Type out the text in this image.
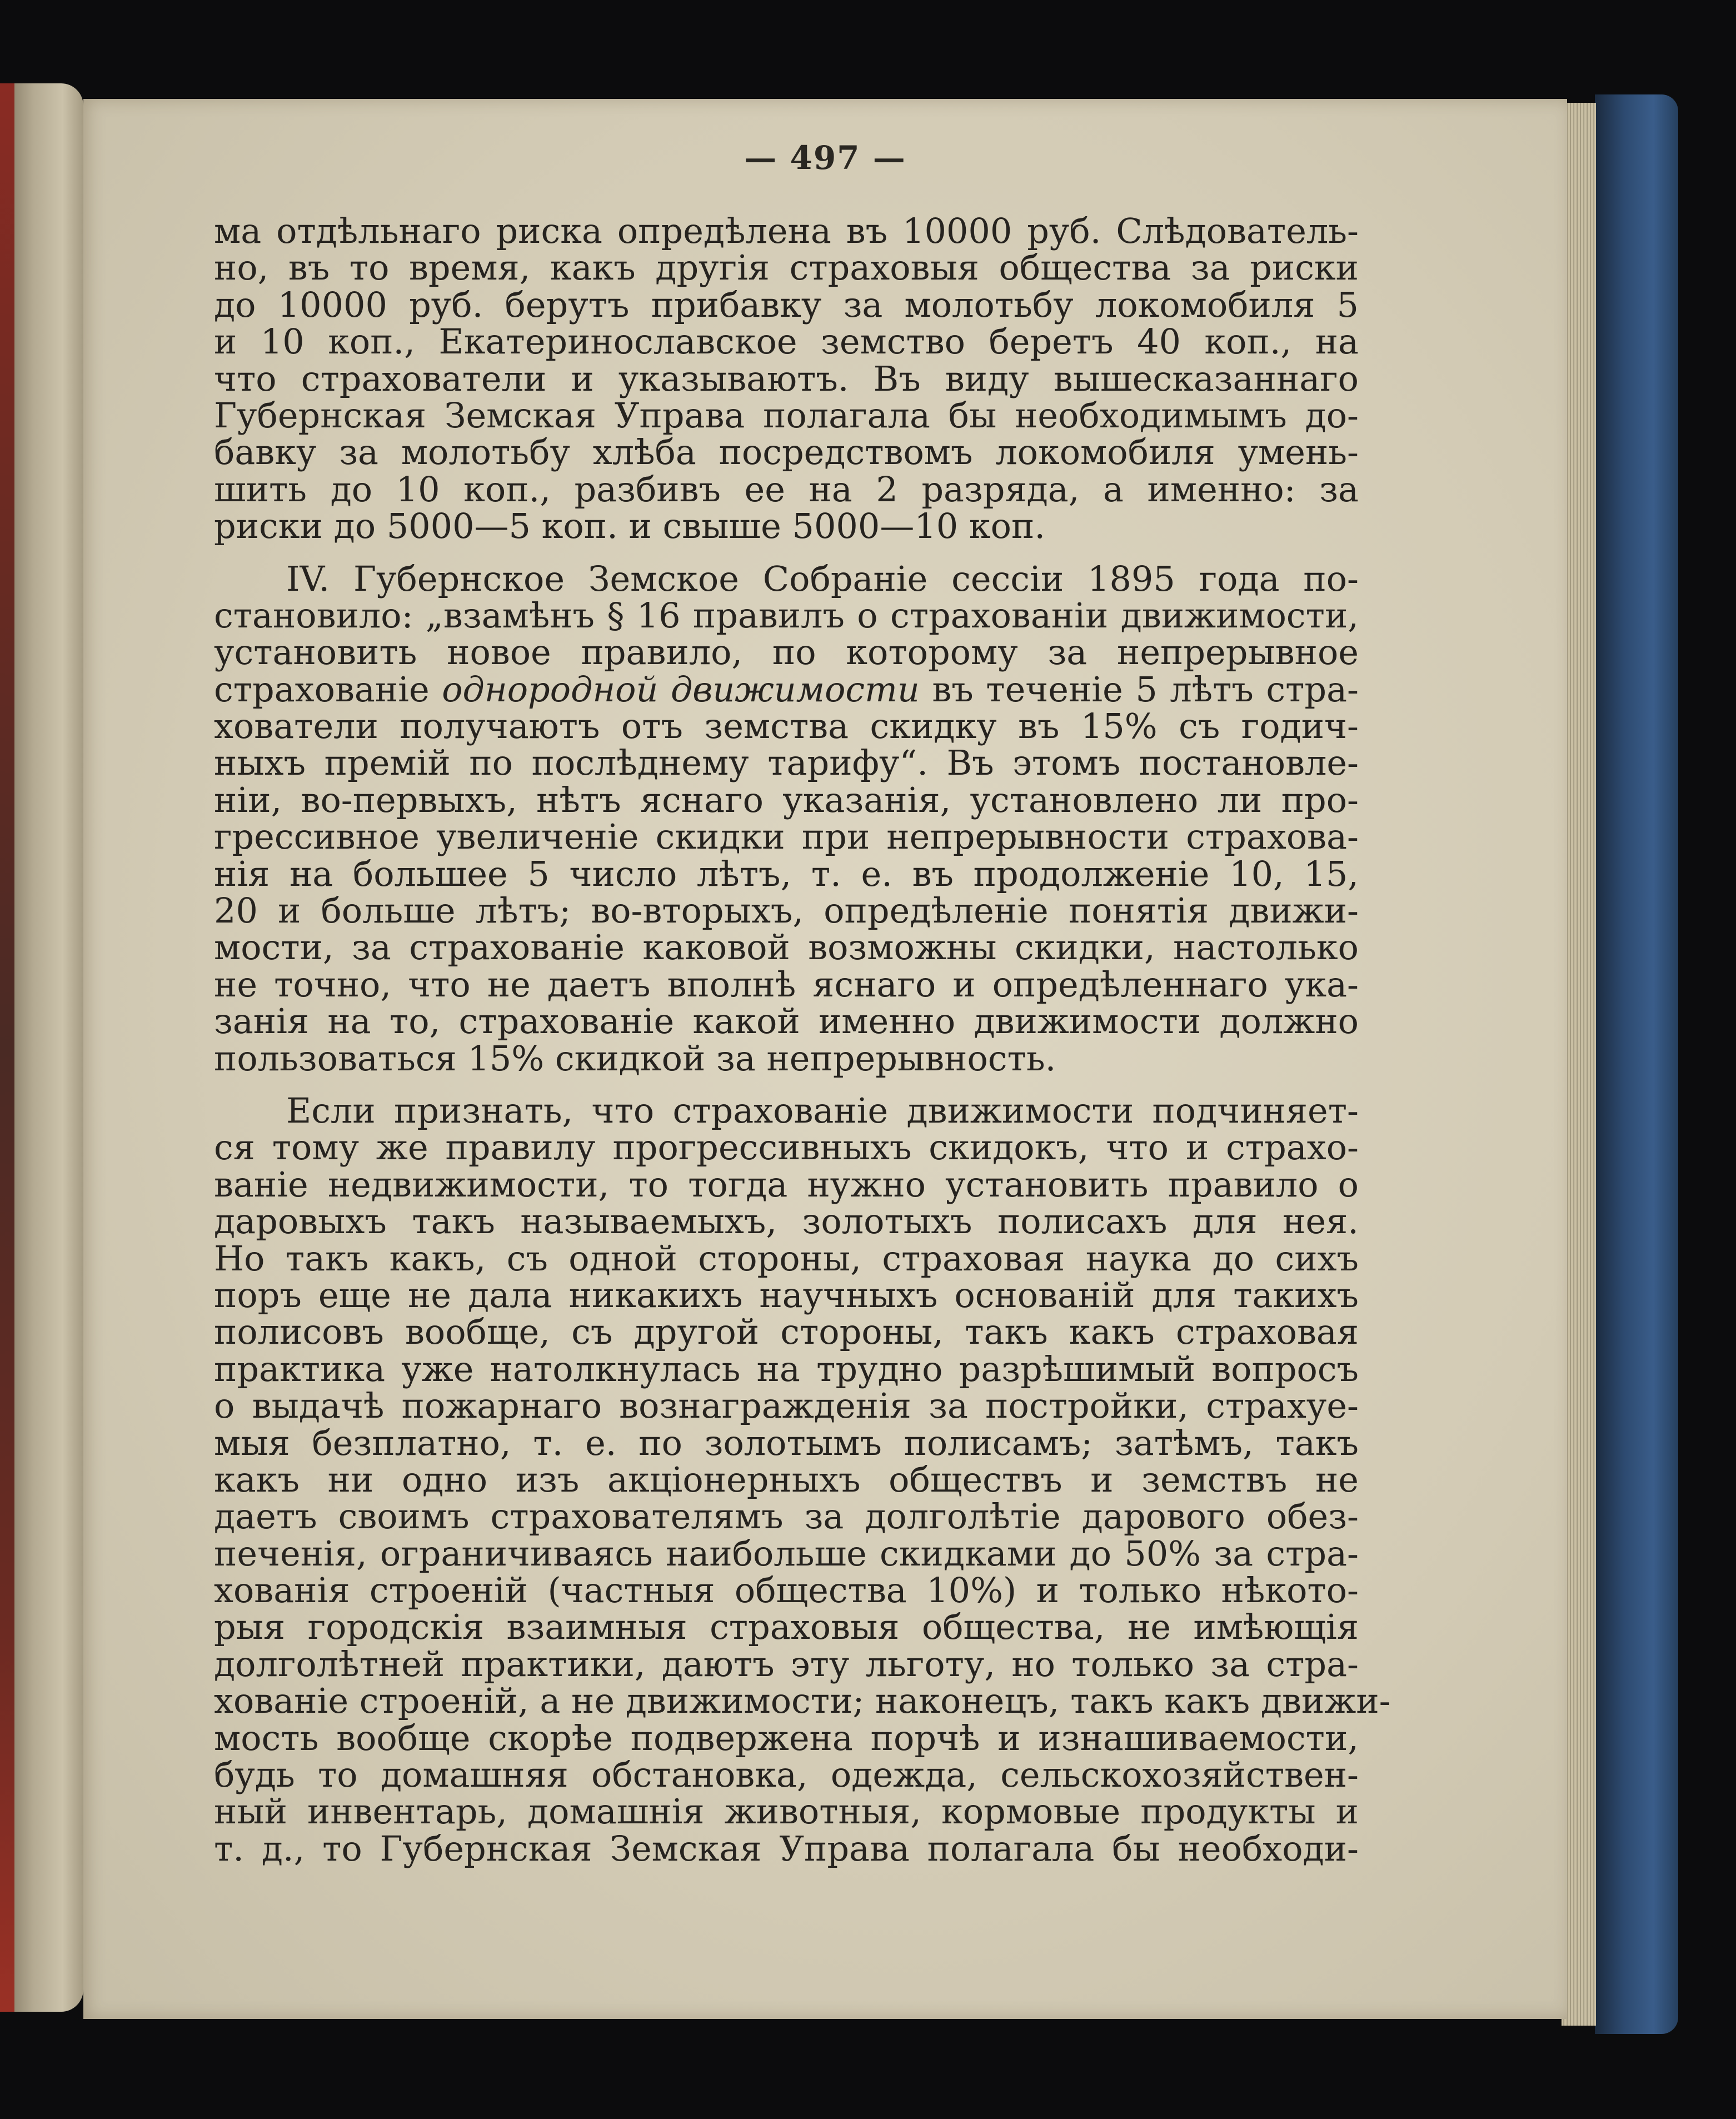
— 497 —
ма отдѣльнаго риска опредѣлена въ 10000 руб. Слѣдователь-
но, въ то время, какъ другія страховыя общества за риски
до 10000 руб. берутъ прибавку за молотьбу локомобиля 5
и 10 коп., Екатеринославское земство беретъ 40 коп., на
что страхователи и указываютъ. Въ виду вышесказаннаго
Губернская Земская Управа полагала бы необходимымъ до-
бавку за молотьбу хлѣба посредствомъ локомобиля умень-
шить до 10 коп., разбивъ ее на 2 разряда, а именно: за
риски до 5000—5 коп. и свыше 5000—10 коп.
IV. Губернское Земское Собраніе сессіи 1895 года по-
становило: „взамѣнъ § 16 правилъ о страхованіи движимости,
установить новое правило, по которому за непрерывное
страхованіе однородной движимости въ теченіе 5 лѣтъ стра-
хователи получаютъ отъ земства скидку въ 15% съ годич-
ныхъ премій по послѣднему тарифу“. Въ этомъ постановле-
ніи, во-первыхъ, нѣтъ яснаго указанія, установлено ли про-
грессивное увеличеніе скидки при непрерывности страхова-
нія на большее 5 число лѣтъ, т. е. въ продолженіе 10, 15,
20 и больше лѣтъ; во-вторыхъ, опредѣленіе понятія движи-
мости, за страхованіе каковой возможны скидки, настолько
не точно, что не даетъ вполнѣ яснаго и опредѣленнаго ука-
занія на то, страхованіе какой именно движимости должно
пользоваться 15% скидкой за непрерывность.
Если признать, что страхованіе движимости подчиняет-
ся тому же правилу прогрессивныхъ скидокъ, что и страхо-
ваніе недвижимости, то тогда нужно установить правило о
даровыхъ такъ называемыхъ, золотыхъ полисахъ для нея.
Но такъ какъ, съ одной стороны, страховая наука до сихъ
поръ еще не дала никакихъ научныхъ основаній для такихъ
полисовъ вообще, съ другой стороны, такъ какъ страховая
практика уже натолкнулась на трудно разрѣшимый вопросъ
о выдачѣ пожарнаго вознагражденія за постройки, страхуе-
мыя безплатно, т. е. по золотымъ полисамъ; затѣмъ, такъ
какъ ни одно изъ акціонерныхъ обществъ и земствъ не
даетъ своимъ страхователямъ за долголѣтіе дарового обез-
печенія, ограничиваясь наибольше скидками до 50% за стра-
хованія строеній (частныя общества 10%) и только нѣкото-
рыя городскія взаимныя страховыя общества, не имѣющія
долголѣтней практики, даютъ эту льготу, но только за стра-
хованіе строеній, а не движимости; наконецъ, такъ какъ движи-
мость вообще скорѣе подвержена порчѣ и изнашиваемости,
будь то домашняя обстановка, одежда, сельскохозяйствен-
ный инвентарь, домашнія животныя, кормовые продукты и
т. д., то Губернская Земская Управа полагала бы необходи-
